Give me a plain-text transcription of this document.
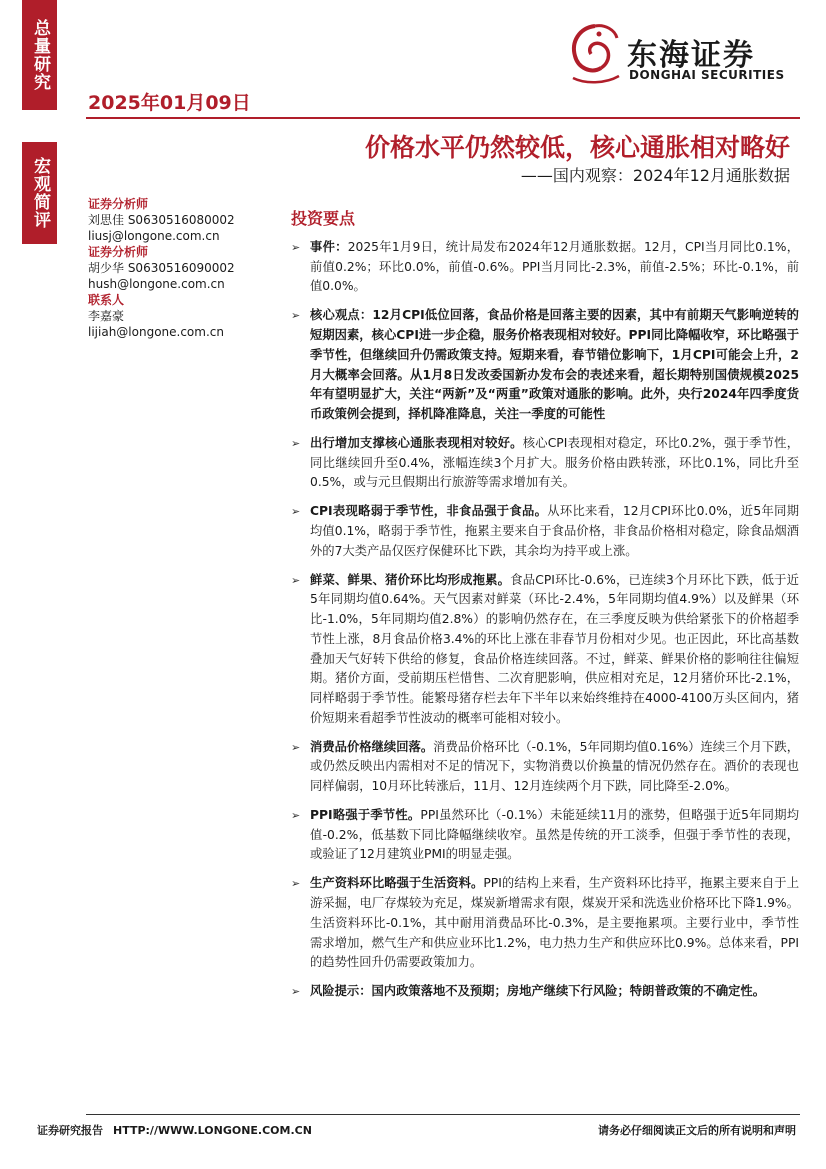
总量研究
宏观简评
2025年01月09日
东海证券
DONGHAI SECURITIES
价格水平仍然较低，核心通胀相对略好
——国内观察：2024年12月通胀数据
证券分析师
刘思佳 S0630516080002
liusj@longone.com.cn
证券分析师
胡少华 S0630516090002
hush@longone.com.cn
联系人
李嘉豪
lijiah@longone.com.cn
投资要点
➢ 事件：2025年1月9日，统计局发布2024年12月通胀数据。12月，CPI当月同比0.1%，前值0.2%；环比0.0%，前值-0.6%。PPI当月同比-2.3%，前值-2.5%；环比-0.1%，前值0.0%。
➢ 核心观点：12月CPI低位回落，食品价格是回落主要的因素，其中有前期天气影响逆转的短期因素，核心CPI进一步企稳，服务价格表现相对较好。PPI同比降幅收窄，环比略强于季节性，但继续回升仍需政策支持。短期来看，春节错位影响下，1月CPI可能会上升，2月大概率会回落。从1月8日发改委国新办发布会的表述来看，超长期特别国债规模2025年有望明显扩大，关注“两新”及“两重”政策对通胀的影响。此外，央行2024年四季度货币政策例会提到，择机降准降息，关注一季度的可能性
➢ 出行增加支撑核心通胀表现相对较好。核心CPI表现相对稳定，环比0.2%，强于季节性，同比继续回升至0.4%，涨幅连续3个月扩大。服务价格由跌转涨，环比0.1%，同比升至0.5%，或与元旦假期出行旅游等需求增加有关。
➢ CPI表现略弱于季节性，非食品强于食品。从环比来看，12月CPI环比0.0%，近5年同期均值0.1%，略弱于季节性，拖累主要来自于食品价格，非食品价格相对稳定，除食品烟酒外的7大类产品仅医疗保健环比下跌，其余均为持平或上涨。
➢ 鲜菜、鲜果、猪价环比均形成拖累。食品CPI环比-0.6%，已连续3个月环比下跌，低于近5年同期均值0.64%。天气因素对鲜菜（环比-2.4%，5年同期均值4.9%）以及鲜果（环比-1.0%，5年同期均值2.8%）的影响仍然存在，在三季度反映为供给紧张下的价格超季节性上涨，8月食品价格3.4%的环比上涨在非春节月份相对少见。也正因此，环比高基数叠加天气好转下供给的修复，食品价格连续回落。不过，鲜菜、鲜果价格的影响往往偏短期。猪价方面，受前期压栏惜售、二次育肥影响，供应相对充足，12月猪价环比-2.1%，同样略弱于季节性。能繁母猪存栏去年下半年以来始终维持在4000-4100万头区间内，猪价短期来看超季节性波动的概率可能相对较小。
➢ 消费品价格继续回落。消费品价格环比（-0.1%，5年同期均值0.16%）连续三个月下跌，或仍然反映出内需相对不足的情况下，实物消费以价换量的情况仍然存在。酒价的表现也同样偏弱，10月环比转涨后，11月、12月连续两个月下跌，同比降至-2.0%。
➢ PPI略强于季节性。PPI虽然环比（-0.1%）未能延续11月的涨势，但略强于近5年同期均值-0.2%，低基数下同比降幅继续收窄。虽然是传统的开工淡季，但强于季节性的表现，或验证了12月建筑业PMI的明显走强。
➢ 生产资料环比略强于生活资料。PPI的结构上来看，生产资料环比持平，拖累主要来自于上游采掘，电厂存煤较为充足，煤炭新增需求有限，煤炭开采和洗选业价格环比下降1.9%。生活资料环比-0.1%，其中耐用消费品环比-0.3%，是主要拖累项。主要行业中，季节性需求增加，燃气生产和供应业环比1.2%，电力热力生产和供应环比0.9%。总体来看，PPI的趋势性回升仍需要政策加力。
➢ 风险提示：国内政策落地不及预期；房地产继续下行风险；特朗普政策的不确定性。
证券研究报告 HTTP://WWW.LONGONE.COM.CN	请务必仔细阅读正文后的所有说明和声明
